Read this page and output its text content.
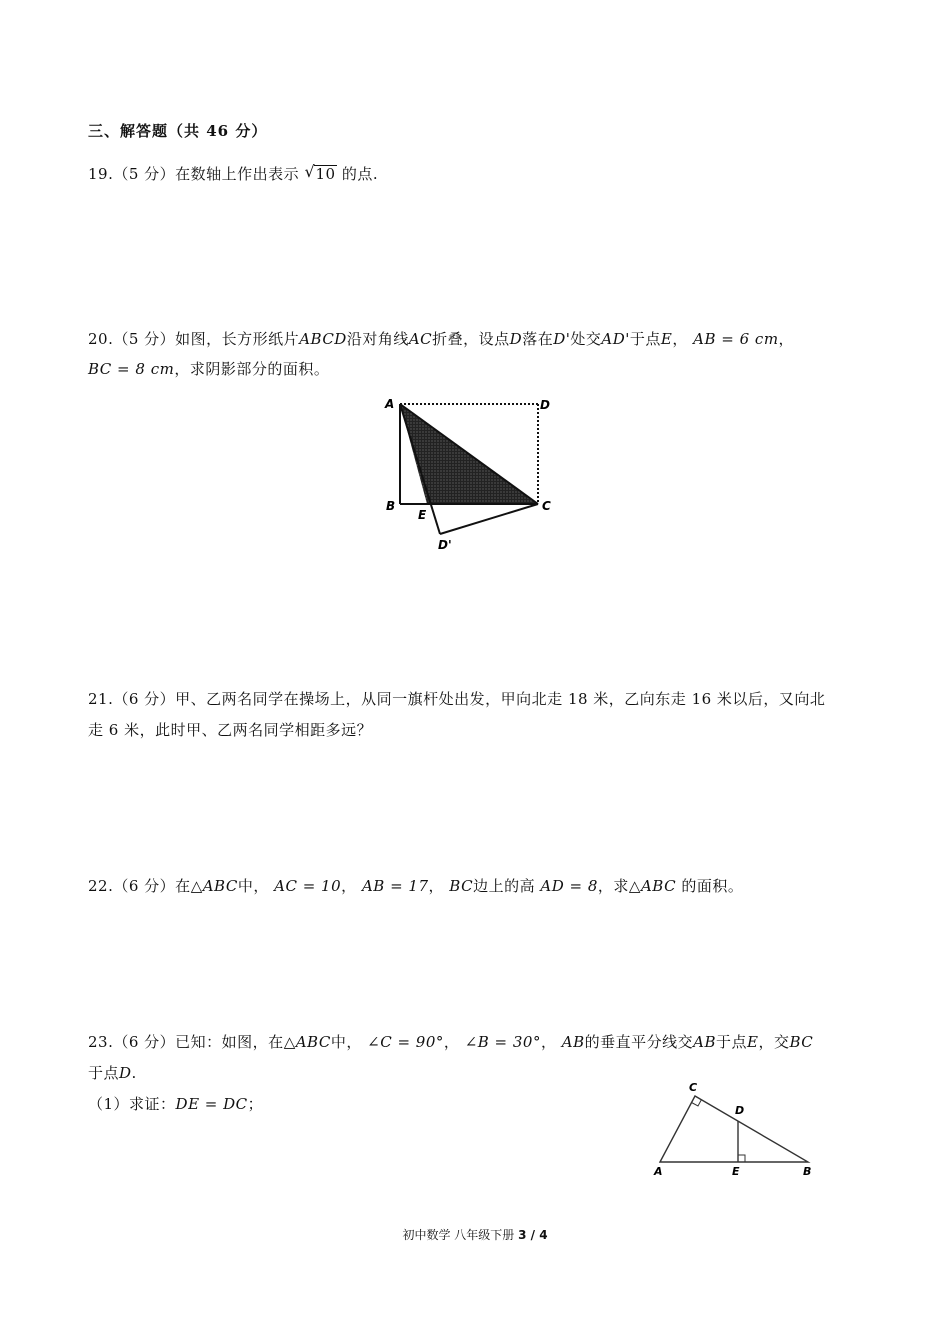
三、解答题（共 46 分）
19.（5 分）在数轴上作出表示 √ 10 的点.
20.（5 分）如图，长方形纸片ABCD沿对角线AC折叠，设点D落在D'处交AD'于点E， AB = 6 cm，
BC = 8 cm，求阴影部分的面积。
A	D
B	C
E
D'
21.（6 分）甲、乙两名同学在操场上，从同一旗杆处出发，甲向北走 18 米，乙向东走 16 米以后，又向北
走 6 米，此时甲、乙两名同学相距多远？
22.（6 分）在△ABC中， AC = 10， AB = 17， BC边上的高 AD = 8，求△ABC 的面积。
23.（6 分）已知：如图，在△ABC中， ∠C = 90°， ∠B = 30°， AB的垂直平分线交AB于点E，交BC
于点D.
（1）求证：DE = DC；
C
D
A	E	B
初中数学 八年级下册 3 / 4
